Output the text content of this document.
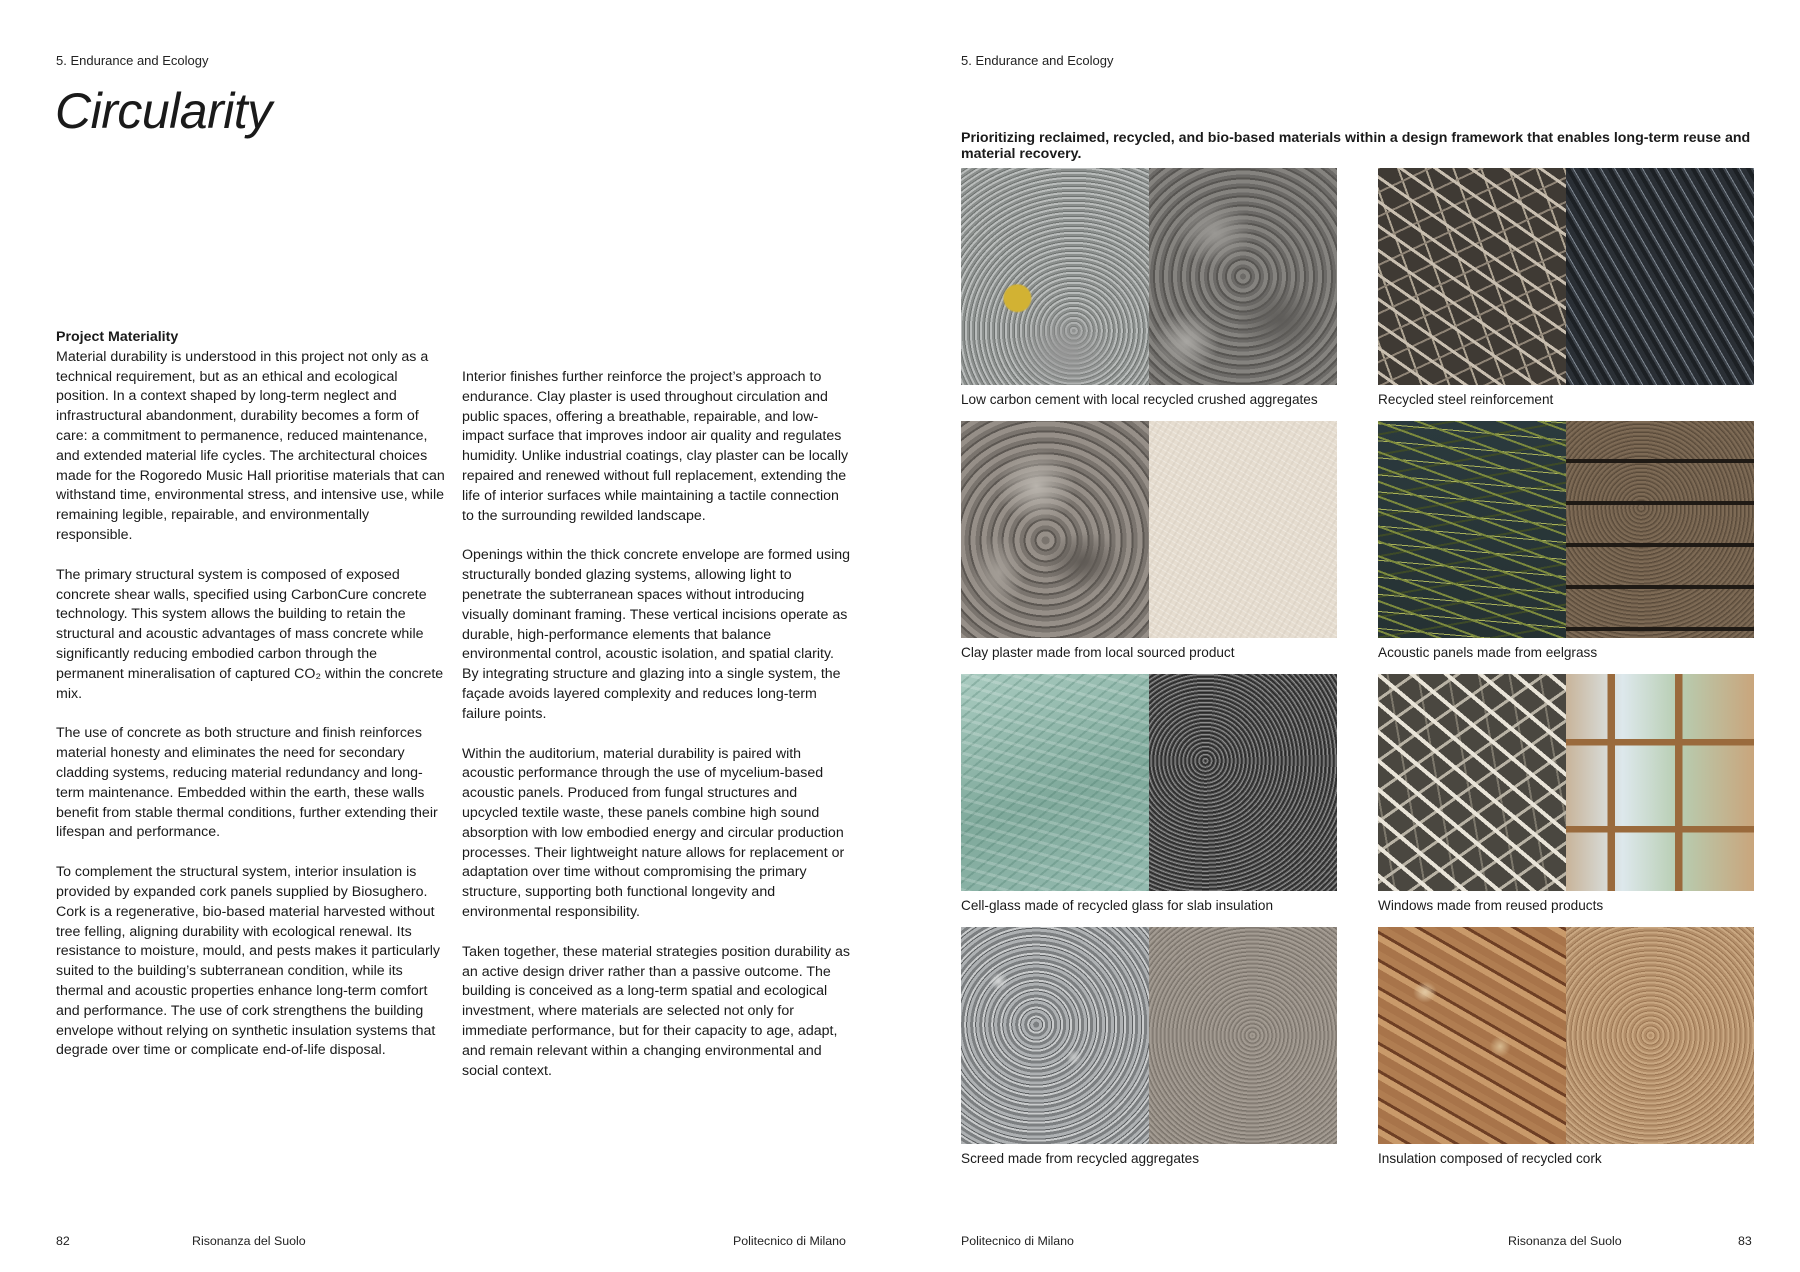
5. Endurance and Ecology
Circularity
Project Materiality

Material durability is understood in this project not only as a technical requirement, but as an ethical and ecological position. In a context shaped by long-term neglect and infrastructural abandonment, durability becomes a form of care: a commitment to permanence, reduced maintenance, and extended material life cycles. The architectural choices made for the Rogoredo Music Hall prioritise materials that can withstand time, environmental stress, and intensive use, while remaining legible, repairable, and environmentally responsible.

The primary structural system is composed of exposed concrete shear walls, specified using CarbonCure concrete technology. This system allows the building to retain the structural and acoustic advantages of mass concrete while significantly reducing embodied carbon through the permanent mineralisation of captured CO₂ within the concrete mix.

The use of concrete as both structure and finish reinforces material honesty and eliminates the need for secondary cladding systems, reducing material redundancy and long-term maintenance. Embedded within the earth, these walls benefit from stable thermal conditions, further extending their lifespan and performance.

To complement the structural system, interior insulation is provided by expanded cork panels supplied by Biosughero. Cork is a regenerative, bio-based material harvested without tree felling, aligning durability with ecological renewal. Its resistance to moisture, mould, and pests makes it particularly suited to the building’s subterranean condition, while its thermal and acoustic properties enhance long-term comfort and performance. The use of cork strengthens the building envelope without relying on synthetic insulation systems that degrade over time or complicate end-of-life disposal.

Interior finishes further reinforce the project’s approach to endurance. Clay plaster is used throughout circulation and public spaces, offering a breathable, repairable, and low-impact surface that improves indoor air quality and regulates humidity. Unlike industrial coatings, clay plaster can be locally repaired and renewed without full replacement, extending the life of interior surfaces while maintaining a tactile connection to the surrounding rewilded landscape.

Openings within the thick concrete envelope are formed using structurally bonded glazing systems, allowing light to penetrate the subterranean spaces without introducing visually dominant framing. These vertical incisions operate as durable, high-performance elements that balance environmental control, acoustic isolation, and spatial clarity. By integrating structure and glazing into a single system, the façade avoids layered complexity and reduces long-term failure points.

Within the auditorium, material durability is paired with acoustic performance through the use of mycelium-based acoustic panels. Produced from fungal structures and upcycled textile waste, these panels combine high sound absorption with low embodied energy and circular production processes. Their lightweight nature allows for replacement or adaptation over time without compromising the primary structure, supporting both functional longevity and environmental responsibility.

Taken together, these material strategies position durability as an active design driver rather than a passive outcome. The building is conceived as a long-term spatial and ecological investment, where materials are selected not only for immediate performance, but for their capacity to age, adapt, and remain relevant within a changing environmental and social context.

82	Risonanza del Suolo	Politecnico di Milano
5. Endurance and Ecology

Prioritizing reclaimed, recycled, and bio-based materials within a design framework that enables long-term reuse and material recovery.

Low carbon cement with local recycled crushed aggregates	Recycled steel reinforcement
Clay plaster made from local sourced product	Acoustic panels made from eelgrass
Cell-glass made of recycled glass for slab insulation	Windows made from reused products
Screed made from recycled aggregates	Insulation composed of recycled cork
Politecnico di Milano	Risonanza del Suolo	83
